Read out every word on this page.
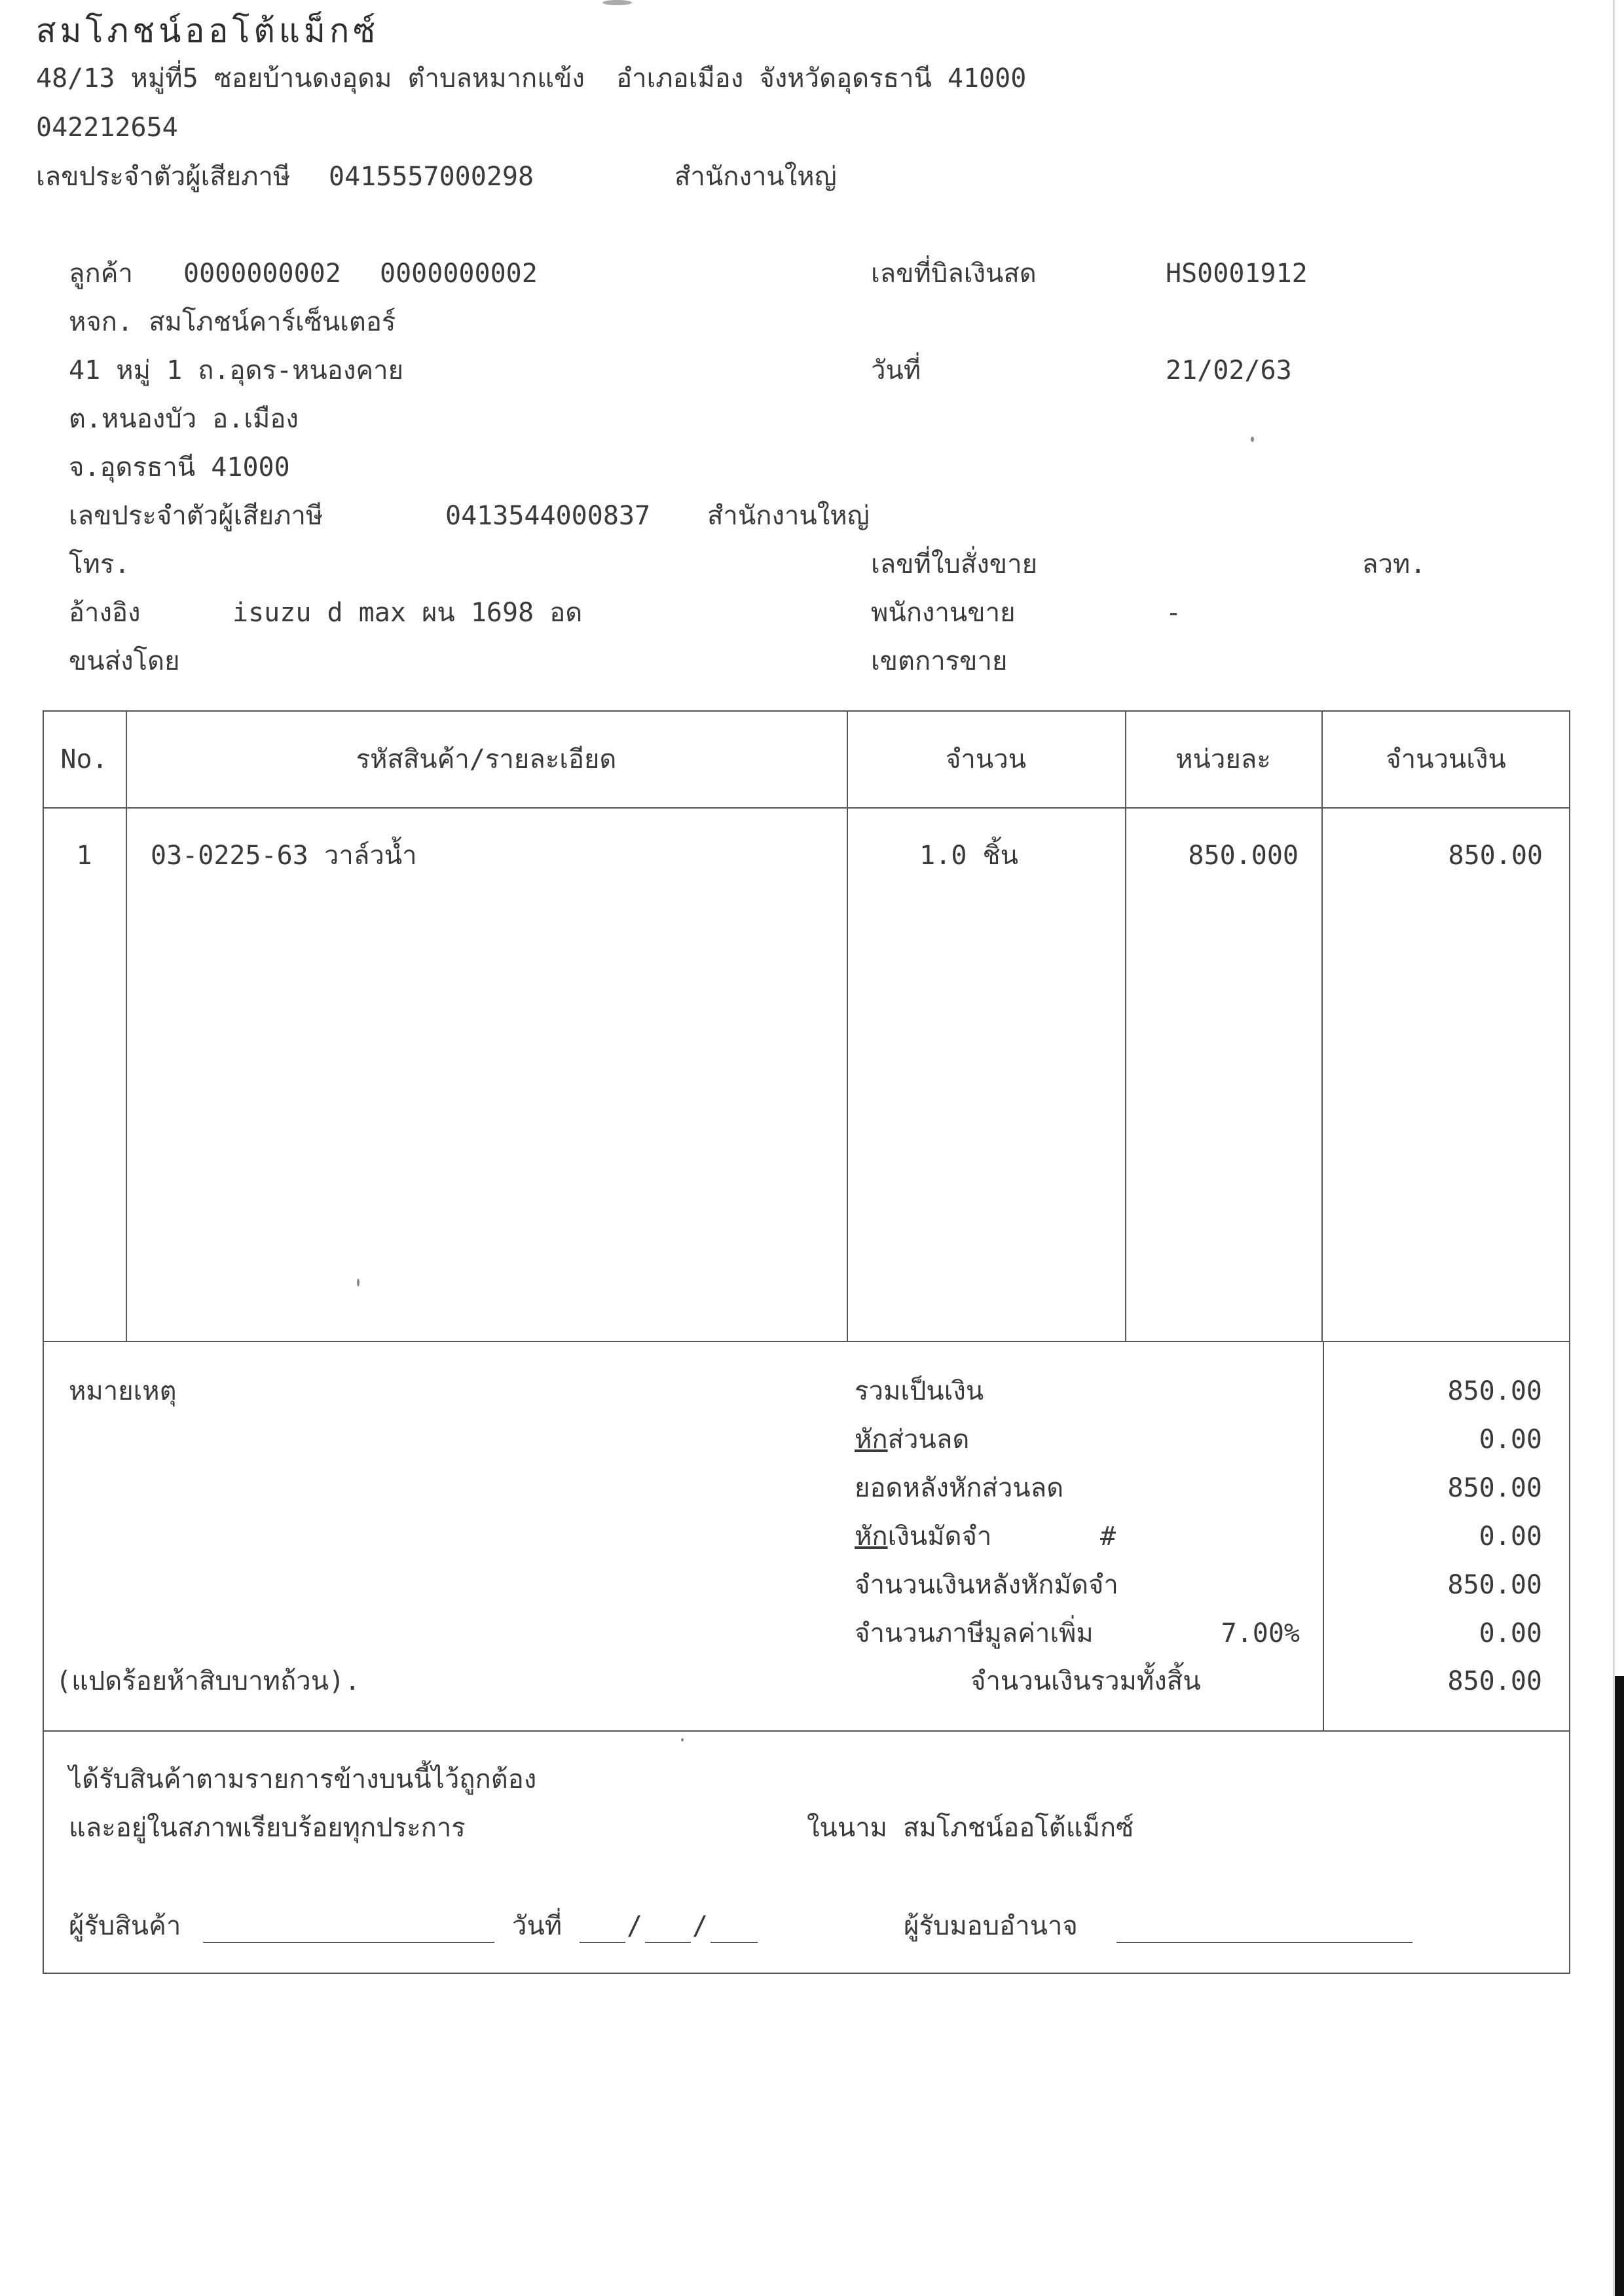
สมโภชน์ออโต้แม็กซ์
48/13 หมู่ที่5 ซอยบ้านดงอุดม ตำบลหมากแข้ง  อำเภอเมือง จังหวัดอุดรธานี 41000
042212654
เลขประจำตัวผู้เสียภาษี 0415557000298	สำนักงานใหญ่
ลูกค้า 0000000002 0000000002
หจก. สมโภชน์คาร์เซ็นเตอร์
41 หมู่ 1 ถ.อุดร-หนองคาย
ต.หนองบัว อ.เมือง
จ.อุดรธานี 41000
เลขประจำตัวผู้เสียภาษี	0413544000837 สำนักงานใหญ่
โทร.
อ้างอิง	isuzu d max ผน 1698 อด
ขนส่งโดย
เลขที่บิลเงินสด	HS0001912
วันที่	21/02/63
เลขที่ใบสั่งขาย	ลวท.
พนักงานขาย	-
เขตการขาย
No.	รหัสสินค้า/รายละเอียด	จำนวน	หน่วยละ	จำนวนเงิน
1	03-0225-63 วาล์วน้ำ	1.0 ชิ้น	850.000	850.00
หมายเหตุ
(แปดร้อยห้าสิบบาทถ้วน).
รวมเป็นเงิน	850.00
หักส่วนลด	0.00
ยอดหลังหักส่วนลด	850.00
หักเงินมัดจำ	#	0.00
จำนวนเงินหลังหักมัดจำ	850.00
จำนวนภาษีมูลค่าเพิ่ม	7.00%	0.00
จำนวนเงินรวมทั้งสิ้น	850.00
ได้รับสินค้าตามรายการข้างบนนี้ไว้ถูกต้อง
และอยู่ในสภาพเรียบร้อยทุกประการ	ในนาม สมโภชน์ออโต้แม็กซ์
ผู้รับสินค้า	วันที่ / /	ผู้รับมอบอำนาจ
